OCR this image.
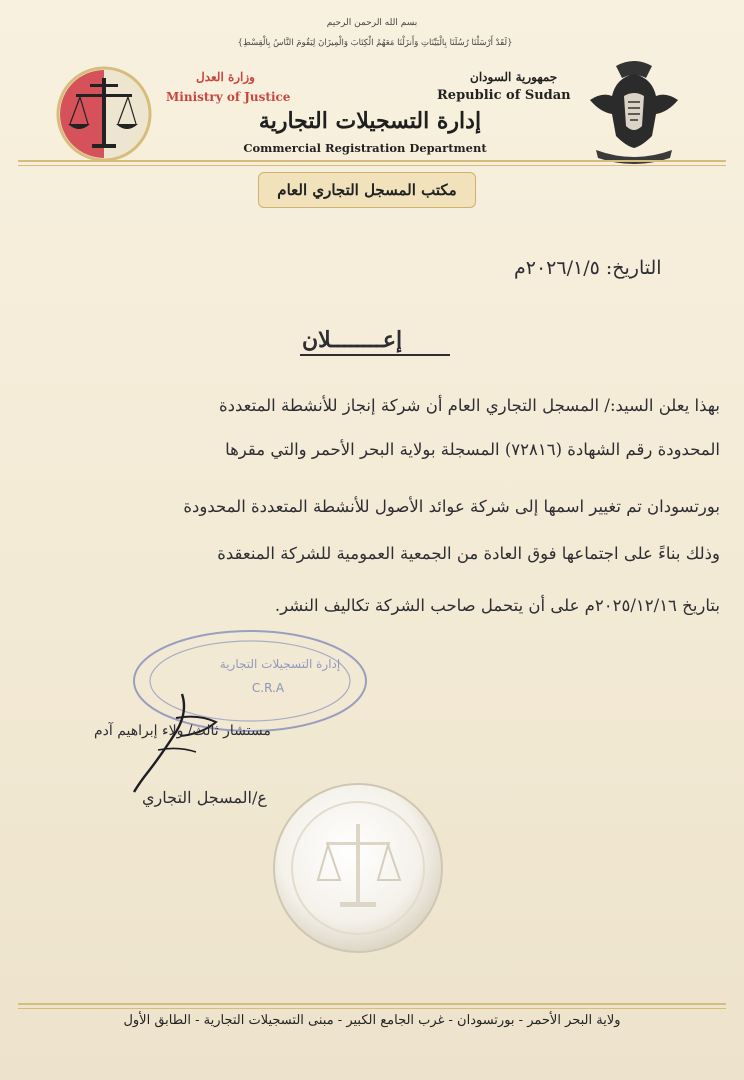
بسم الله الرحمن الرحيم
{لَقَدْ أَرْسَلْنَا رُسُلَنَا بِالْبَيِّنَاتِ وَأَنزَلْنَا مَعَهُمُ الْكِتَابَ وَالْمِيزَانَ لِيَقُومَ النَّاسُ بِالْقِسْطِ}
وزارة العدل
Ministry of Justice
جمهورية السودان
Republic of Sudan
إدارة التسجيلات التجارية
Commercial Registration Department
مكتب المسجل التجاري العام
التاريخ: ٢٠٢٦/١/٥م
إعــــــــلان
بهذا يعلن السيد:/ المسجل التجاري العام أن شركة إنجاز للأنشطة المتعددة
المحدودة رقم الشهادة (٧٢٨١٦) المسجلة بولاية البحر الأحمر والتي مقرها
بورتسودان تم تغيير اسمها إلى شركة عوائد الأصول للأنشطة المتعددة المحدودة
وذلك بناءً على اجتماعها فوق العادة من الجمعية العمومية للشركة المنعقدة
بتاريخ ٢٠٢٥/١٢/١٦م على أن يتحمل صاحب الشركة تكاليف النشر.
إدارة التسجيلات التجارية
C.R.A
مستشار ثالث/ ولاء إبراهيم آدم
ع/المسجل التجاري
ولاية البحر الأحمر - بورتسودان - غرب الجامع الكبير - مبنى التسجيلات التجارية - الطابق الأول
